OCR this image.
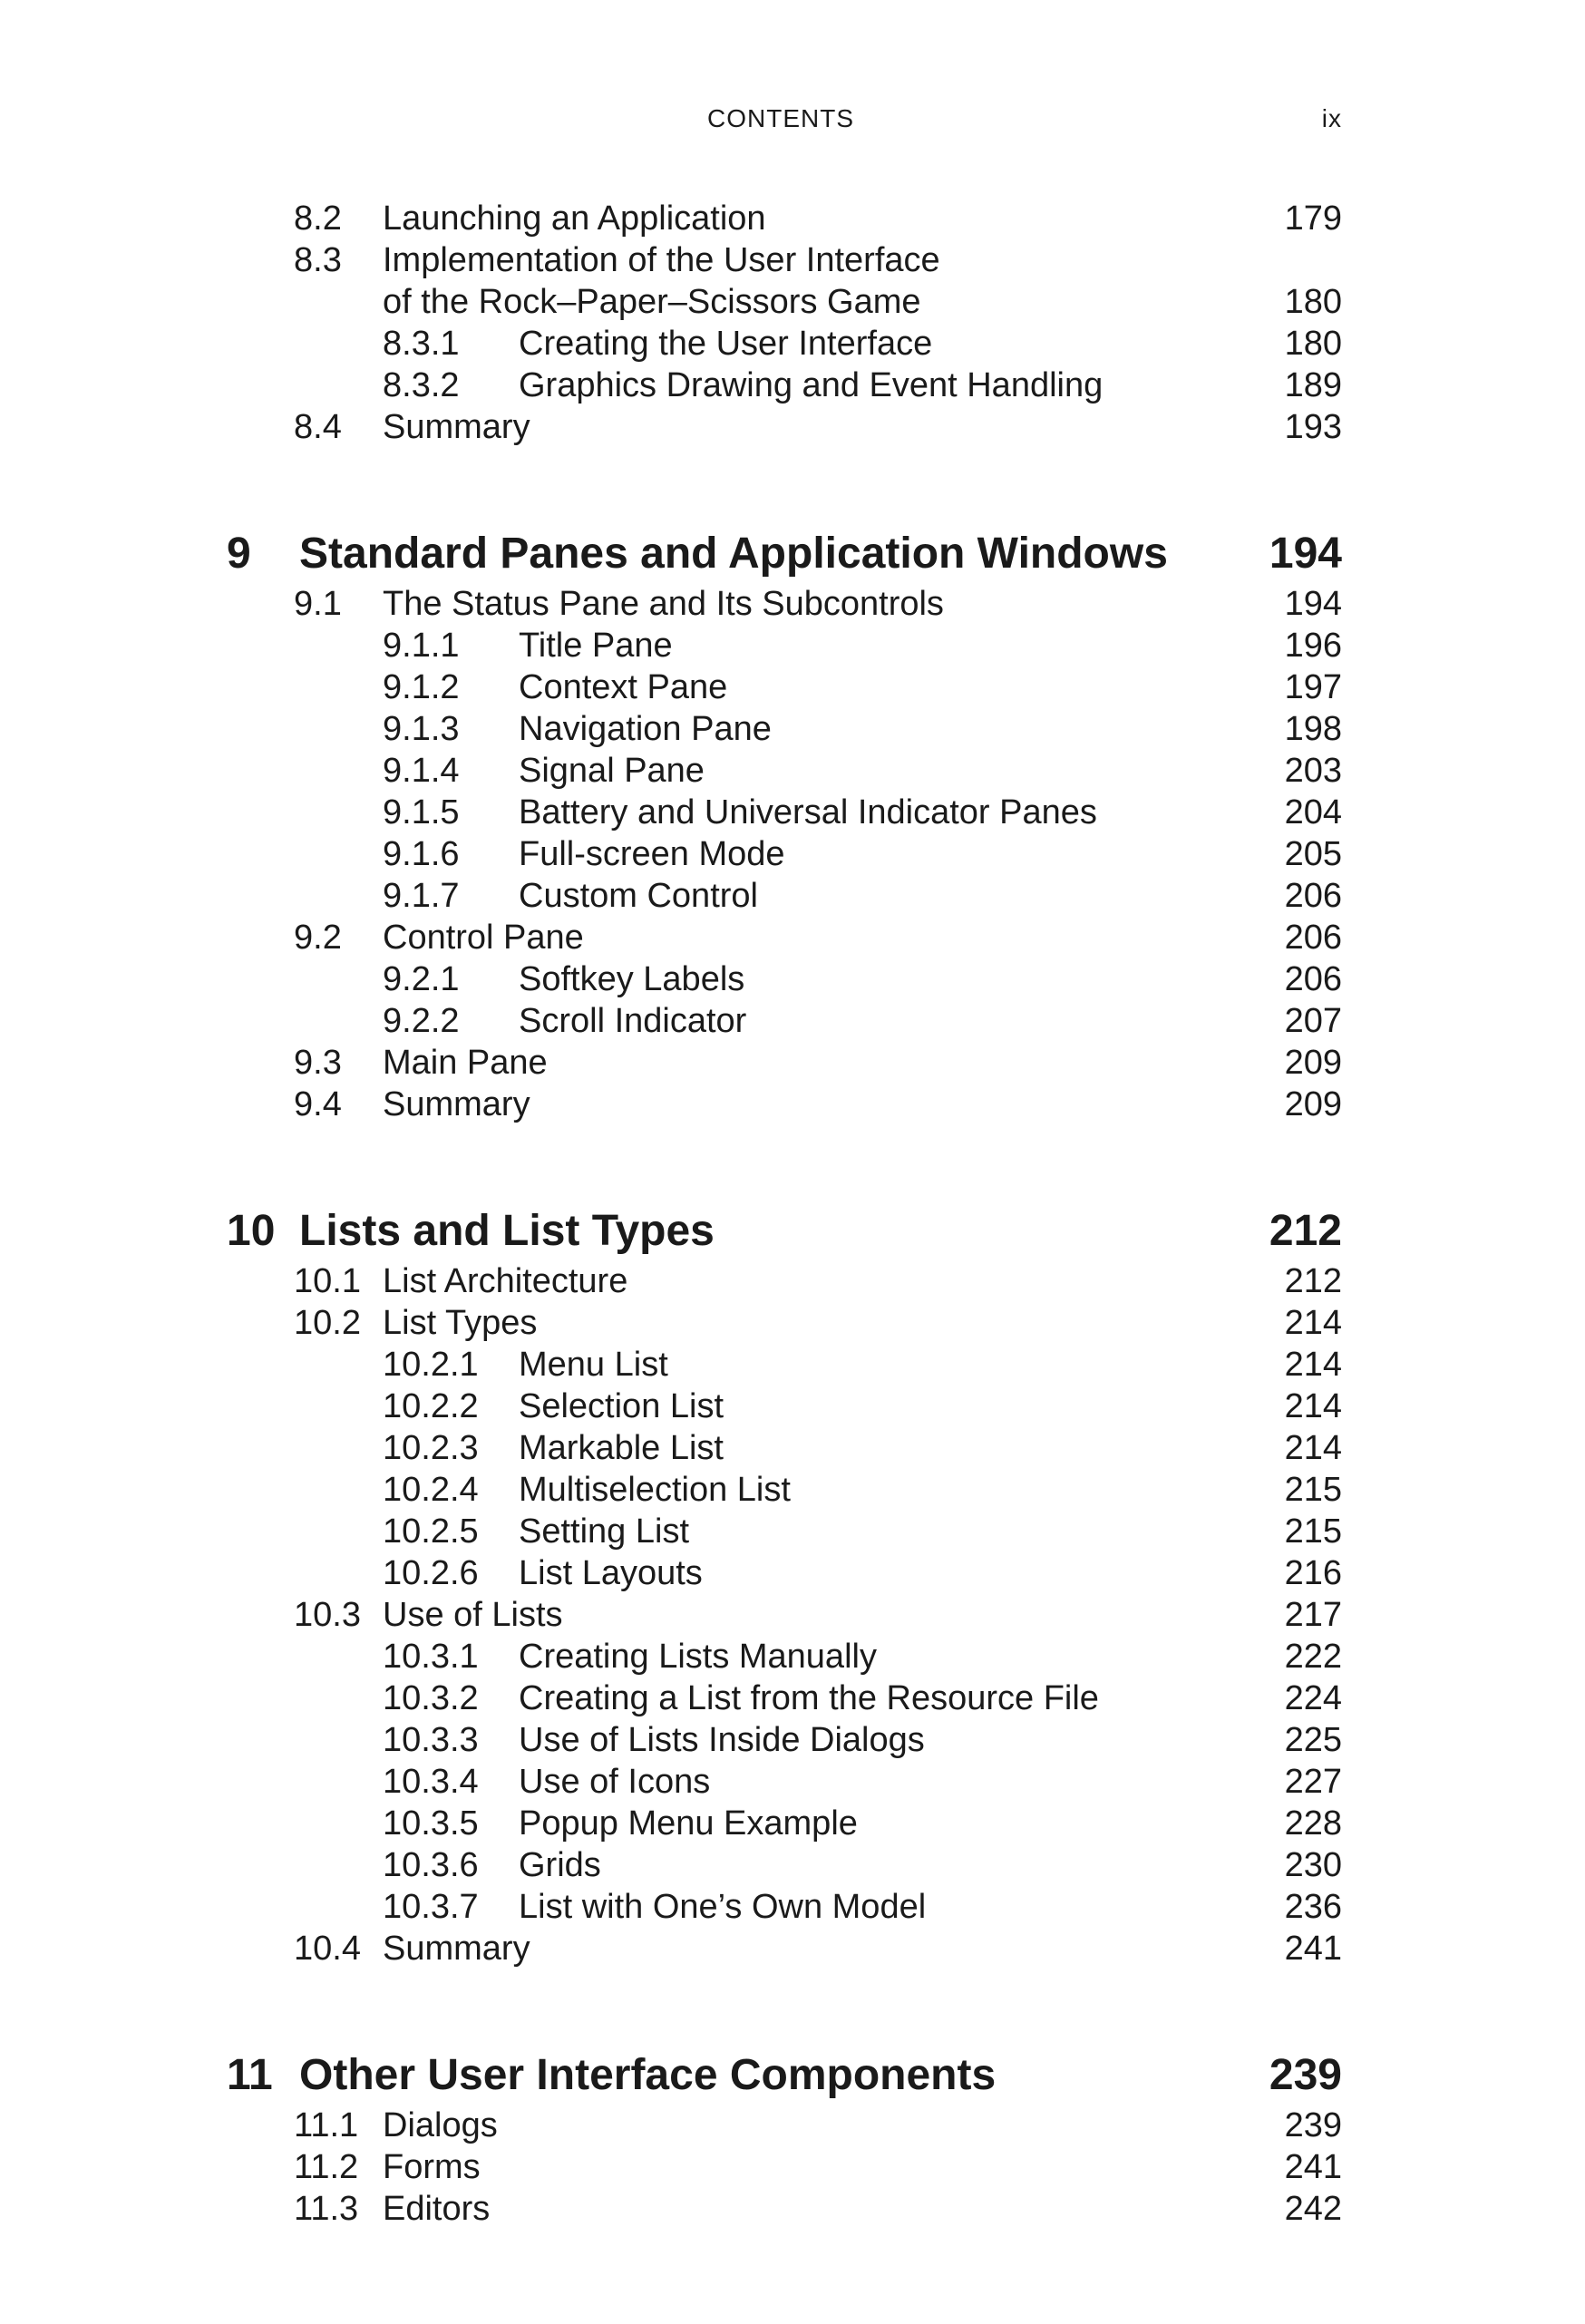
CONTENTS	ix
8.2 Launching an Application	179
8.3 Implementation of the User Interface
of the Rock–Paper–Scissors Game	180
8.3.1 Creating the User Interface	180
8.3.2 Graphics Drawing and Event Handling	189
8.4 Summary	193
9 Standard Panes and Application Windows 194
9.1 The Status Pane and Its Subcontrols	194
9.1.1 Title Pane	196
9.1.2 Context Pane	197
9.1.3 Navigation Pane	198
9.1.4 Signal Pane	203
9.1.5 Battery and Universal Indicator Panes	204
9.1.6 Full-screen Mode	205
9.1.7 Custom Control	206
9.2 Control Pane	206
9.2.1 Softkey Labels	206
9.2.2 Scroll Indicator	207
9.3 Main Pane	209
9.4 Summary	209
10 Lists and List Types	212
10.1 List Architecture	212
10.2 List Types	214
10.2.1 Menu List	214
10.2.2 Selection List	214
10.2.3 Markable List	214
10.2.4 Multiselection List	215
10.2.5 Setting List	215
10.2.6 List Layouts	216
10.3 Use of Lists	217
10.3.1 Creating Lists Manually	222
10.3.2 Creating a List from the Resource File	224
10.3.3 Use of Lists Inside Dialogs	225
10.3.4 Use of Icons	227
10.3.5 Popup Menu Example	228
10.3.6 Grids	230
10.3.7 List with One’s Own Model	236
10.4 Summary	241
11 Other User Interface Components	239
11.1 Dialogs	239
11.2 Forms	241
11.3 Editors	242
